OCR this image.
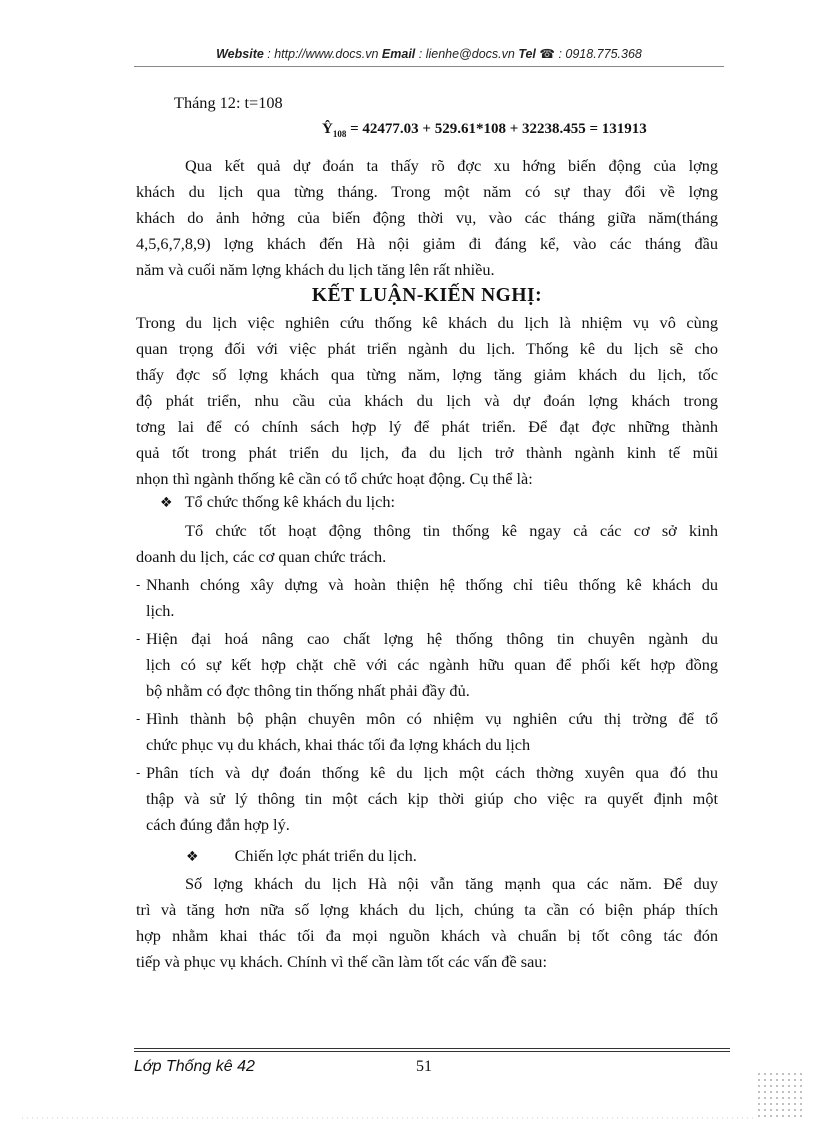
Website : http://www.docs.vn Email : lienhe@docs.vn Tel ☎ : 0918.775.368
Tháng 12: t=108
$Ŷ_{108} = 42477.03 + 529.61*108 + 32238.455 = 131913$

Qua kết quả dự đoán ta thấy rõ đợc xu hớng biến động của lợng

khách du lịch qua từng tháng. Trong một năm có sự thay đổi về lợng

khách do ảnh hởng của biến động thời vụ, vào các tháng giữa năm(tháng

4,5,6,7,8,9) lợng khách đến Hà nội giảm đi đáng kể, vào các tháng đầu

năm và cuối năm lợng khách du lịch tăng lên rất nhiều.

KẾT LUẬN-KIẾN NGHỊ:

Trong du lịch việc nghiên cứu thống kê khách du lịch là nhiệm vụ vô cùng

quan trọng đối với việc phát triển ngành du lịch. Thống kê du lịch sẽ cho

thấy đợc số lợng khách qua từng năm, lợng tăng giảm khách du lịch, tốc

độ phát triển, nhu cầu của khách du lịch và dự đoán lợng khách trong

tơng lai để có chính sách hợp lý để phát triển. Để đạt đợc những thành

quả tốt trong phát triển du lịch, đa du lịch trở thành ngành kinh tế mũi

nhọn thì ngành thống kê cần có tổ chức hoạt động. Cụ thể là:

❖ Tổ chức thống kê khách du lịch:

Tổ chức tốt hoạt động thông tin thống kê ngay cả các cơ sở kinh

doanh du lịch, các cơ quan chức trách.

- Nhanh chóng xây dựng và hoàn thiện hệ thống chỉ tiêu thống kê khách du

lịch.

- Hiện đại hoá nâng cao chất lợng hệ thống thông tin chuyên ngành du

lịch có sự kết hợp chặt chẽ với các ngành hữu quan để phối kết hợp đồng

bộ nhằm có đợc thông tin thống nhất phải đầy đủ.

- Hình thành bộ phận chuyên môn có nhiệm vụ nghiên cứu thị trờng để tổ

chức phục vụ du khách, khai thác tối đa lợng khách du lịch

- Phân tích và dự đoán thống kê du lịch một cách thờng xuyên qua đó thu

thập và sử lý thông tin một cách kịp thời giúp cho việc ra quyết định một

cách đúng đắn hợp lý.

❖ Chiến lợc phát triển du lịch.

Số lợng khách du lịch Hà nội vẫn tăng mạnh qua các năm. Để duy

trì và tăng hơn nữa số lợng khách du lịch, chúng ta cần có biện pháp thích

hợp nhằm khai thác tối đa mọi nguồn khách và chuẩn bị tốt công tác đón

tiếp và phục vụ khách. Chính vì thế cần làm tốt các vấn đề sau:

Lớp Thống kê 42	51
